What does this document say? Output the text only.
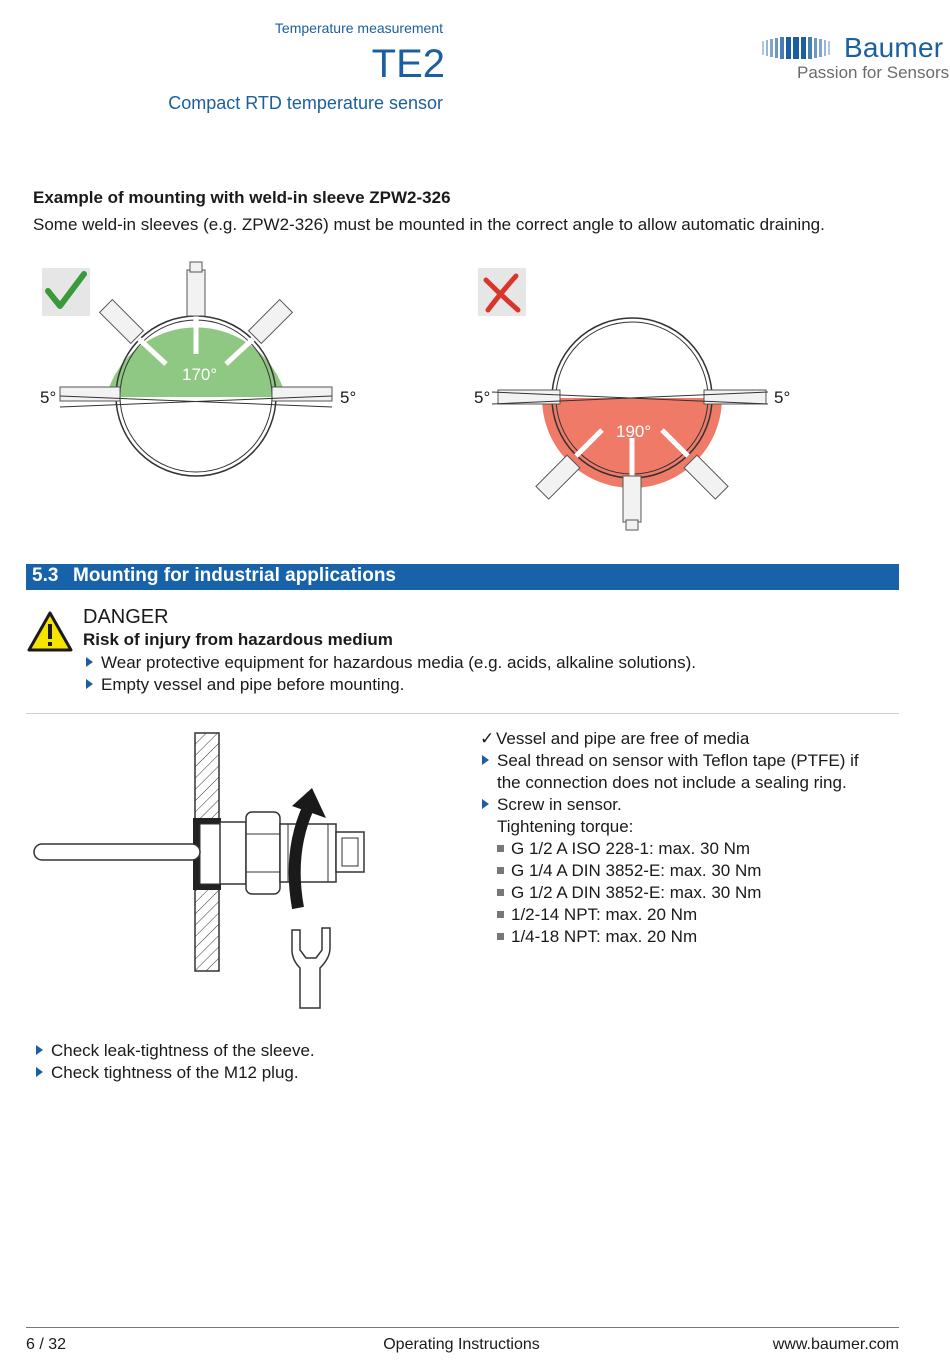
Temperature measurement
TE2
Compact RTD temperature sensor
Baumer
Passion for Sensors
Example of mounting with weld-in sleeve ZPW2-326
Some weld-in sleeves (e.g. ZPW2-326) must be mounted in the correct angle to allow automatic draining.
170°
5°	5°
190°
5°	5°
5.3 Mounting for industrial applications
DANGER
Risk of injury from hazardous medium
Wear protective equipment for hazardous media (e.g. acids, alkaline solutions).
Empty vessel and pipe before mounting.
✓ Vessel and pipe are free of media
Seal thread on sensor with Teflon tape (PTFE) if
the connection does not include a sealing ring.
Screw in sensor.
Tightening torque:
G 1/2 A ISO 228-1: max. 30 Nm
G 1/4 A DIN 3852-E: max. 30 Nm
G 1/2 A DIN 3852-E: max. 30 Nm
1/2-14 NPT: max. 20 Nm
1/4-18 NPT: max. 20 Nm
Check leak-tightness of the sleeve.
Check tightness of the M12 plug.
6 / 32	Operating Instructions	www.baumer.com
